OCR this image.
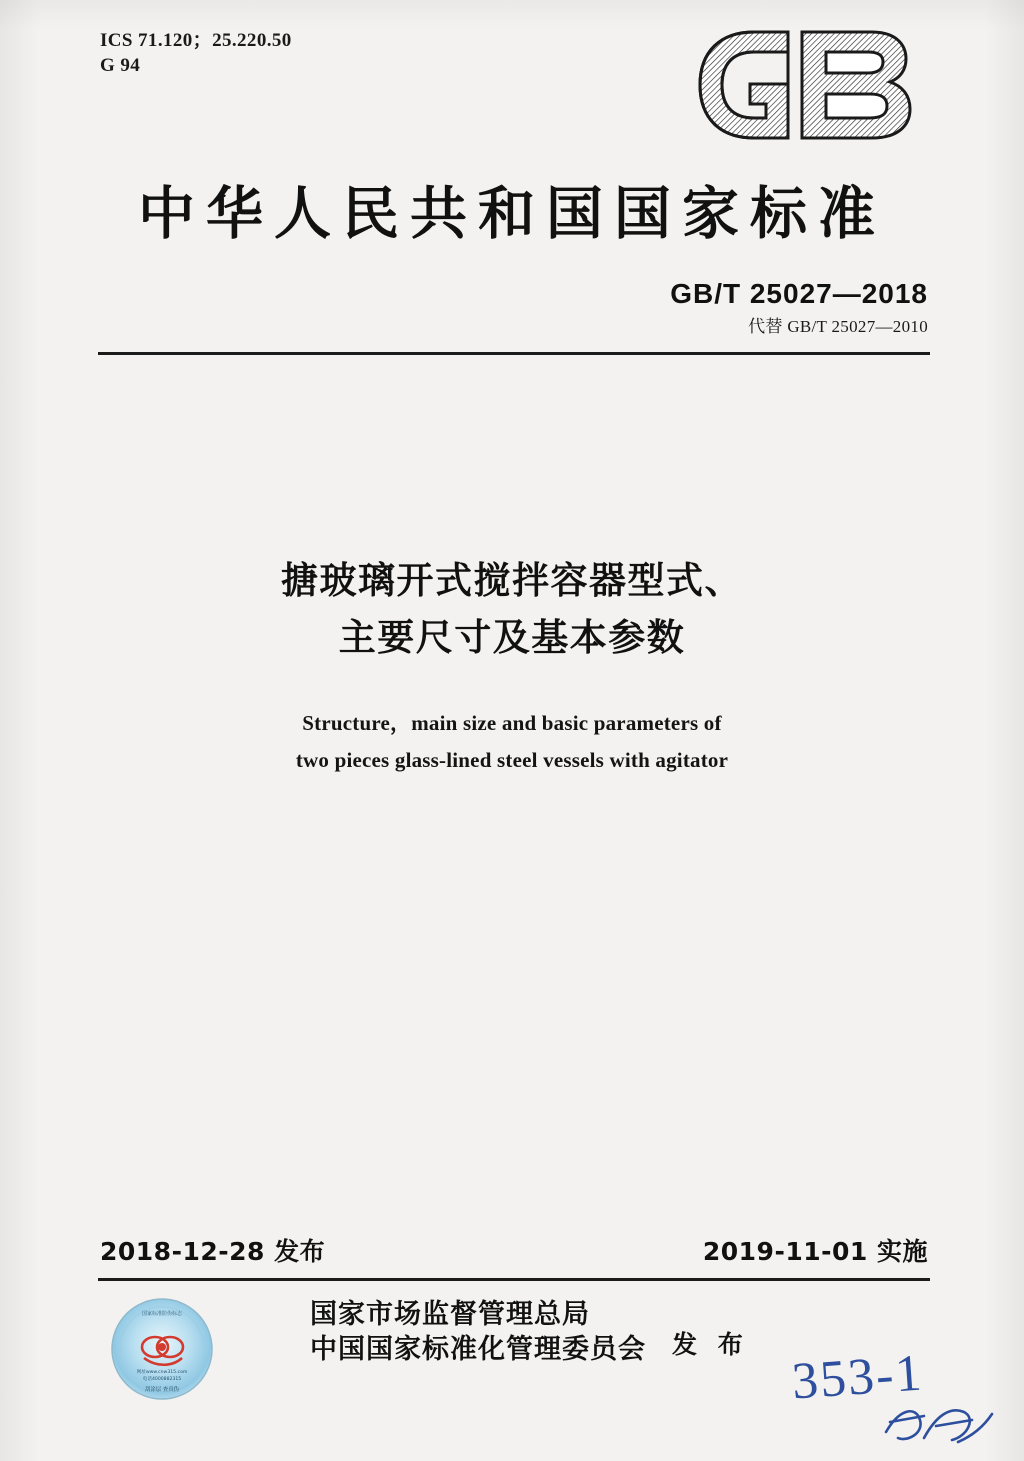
ICS 71.120；25.220.50
G 94
中华人民共和国国家标准
GB/T 25027—2018
代替 GB/T 25027—2010
搪玻璃开式搅拌容器型式、
主要尺寸及基本参数
Structure，main size and basic parameters of
two pieces glass-lined steel vessels with agitator
2018-12-28 发布	2019-11-01 实施
国家标准防伪标志
网址www.cnw315.com
电话4000882315
刮涂层 查真伪
国家市场监督管理总局
中国国家标准化管理委员会 发 布 353-1
